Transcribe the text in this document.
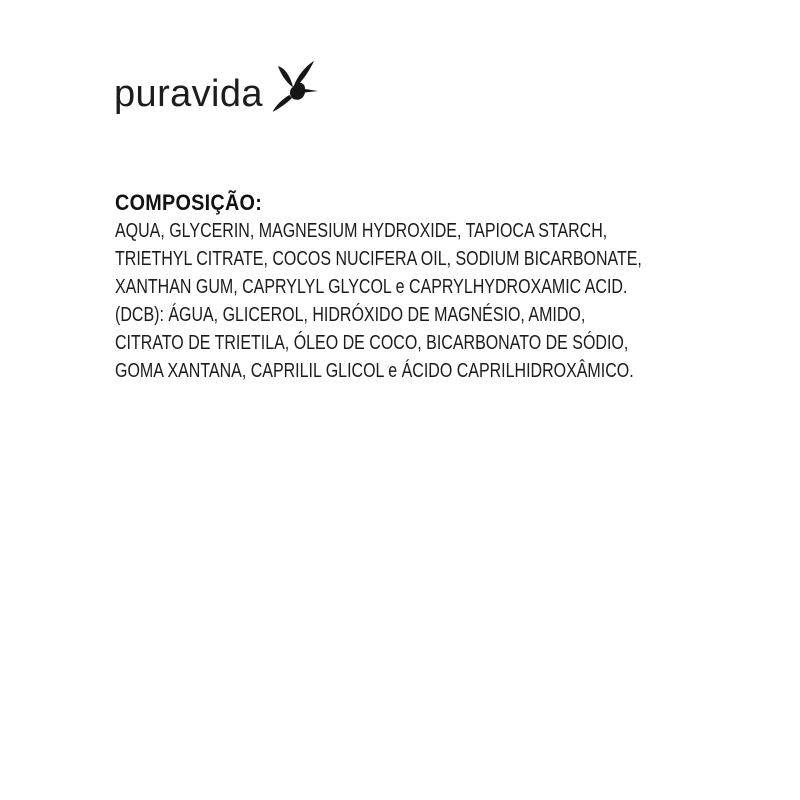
puravida
COMPOSIÇÃO:
AQUA, GLYCERIN, MAGNESIUM HYDROXIDE, TAPIOCA STARCH,
TRIETHYL CITRATE, COCOS NUCIFERA OIL, SODIUM BICARBONATE,
XANTHAN GUM, CAPRYLYL GLYCOL e CAPRYLHYDROXAMIC ACID.
(DCB): ÁGUA, GLICEROL, HIDRÓXIDO DE MAGNÉSIO, AMIDO,
CITRATO DE TRIETILA, ÓLEO DE COCO, BICARBONATO DE SÓDIO,
GOMA XANTANA, CAPRILIL GLICOL e ÁCIDO CAPRILHIDROXÂMICO.
